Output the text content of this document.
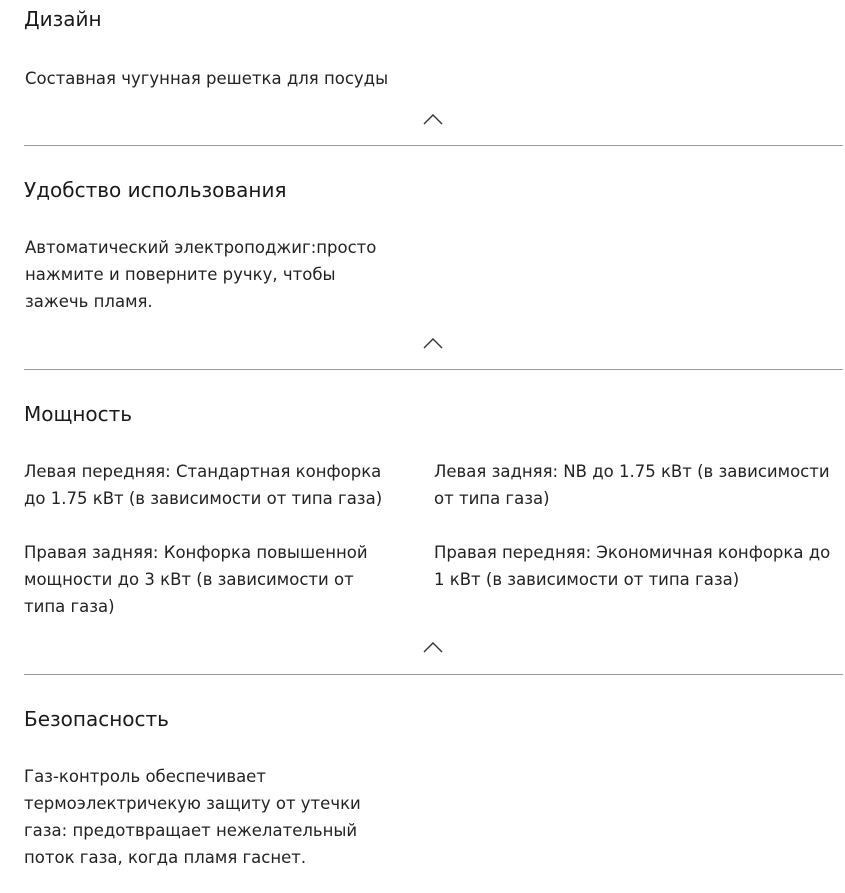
Дизайн

Составная чугунная решетка для посуды

Удобство использования

Автоматический электроподжиг:просто нажмите и поверните ручку, чтобы зажечь пламя.

Мощность

Левая передняя: Стандартная конфорка до 1.75 кВт (в зависимости от типа газа)

Левая задняя: NB до 1.75 кВт (в зависимости от типа газа)

Правая задняя: Конфорка повышенной мощности до 3 кВт (в зависимости от типа газа)

Правая передняя: Экономичная конфорка до 1 кВт (в зависимости от типа газа)

Безопасность

Газ-контроль обеспечивает термоэлектричекую защиту от утечки газа: предотвращает нежелательный поток газа, когда пламя гаснет.
